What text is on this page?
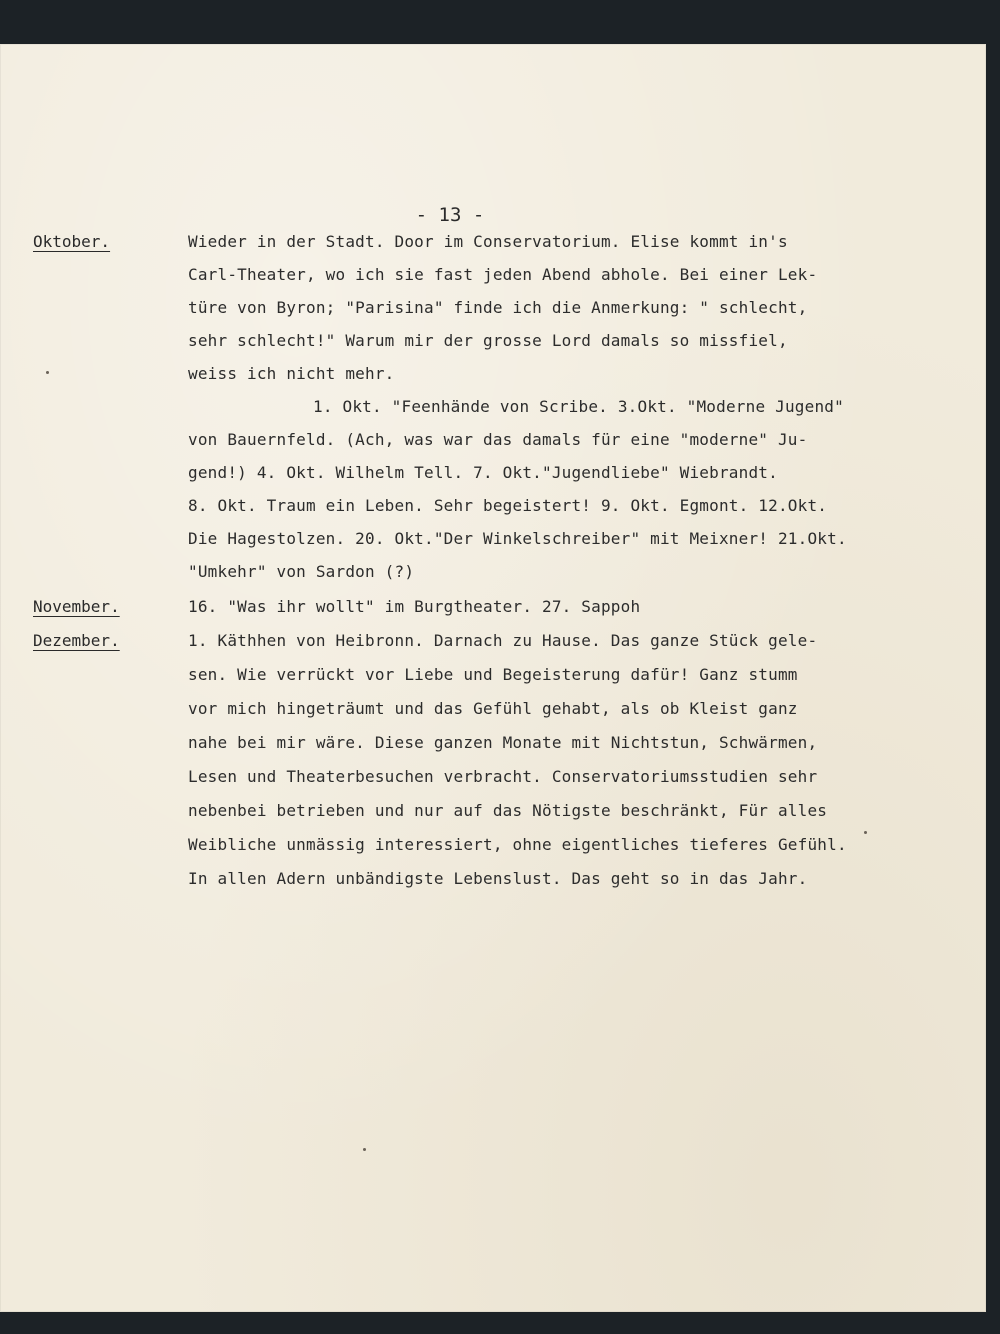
- 13 -
Oktober.	Wieder in der Stadt. Door im Conservatorium. Elise kommt in's
Carl-Theater, wo ich sie fast jeden Abend abhole. Bei einer Lek-
türe von Byron; "Parisina" finde ich die Anmerkung: " schlecht,
sehr schlecht!" Warum mir der grosse Lord damals so missfiel,
weiss ich nicht mehr.
1. Okt. "Feenhände von Scribe. 3.Okt. "Moderne Jugend"
von Bauernfeld. (Ach, was war das damals für eine "moderne" Ju-
gend!) 4. Okt. Wilhelm Tell. 7. Okt."Jugendliebe" Wiebrandt.
8. Okt. Traum ein Leben. Sehr begeistert! 9. Okt. Egmont. 12.Okt.
Die Hagestolzen. 20. Okt."Der Winkelschreiber" mit Meixner! 21.Okt.
"Umkehr" von Sardon (?)
November.	16. "Was ihr wollt" im Burgtheater. 27. Sappoh
Dezember.	1. Käthhen von Heibronn. Darnach zu Hause. Das ganze Stück gele-
sen. Wie verrückt vor Liebe und Begeisterung dafür! Ganz stumm
vor mich hingeträumt und das Gefühl gehabt, als ob Kleist ganz
nahe bei mir wäre. Diese ganzen Monate mit Nichtstun, Schwärmen,
Lesen und Theaterbesuchen verbracht. Conservatoriumsstudien sehr
nebenbei betrieben und nur auf das Nötigste beschränkt, Für alles
Weibliche unmässig interessiert, ohne eigentliches tieferes Gefühl.
In allen Adern unbändigste Lebenslust. Das geht so in das Jahr.
